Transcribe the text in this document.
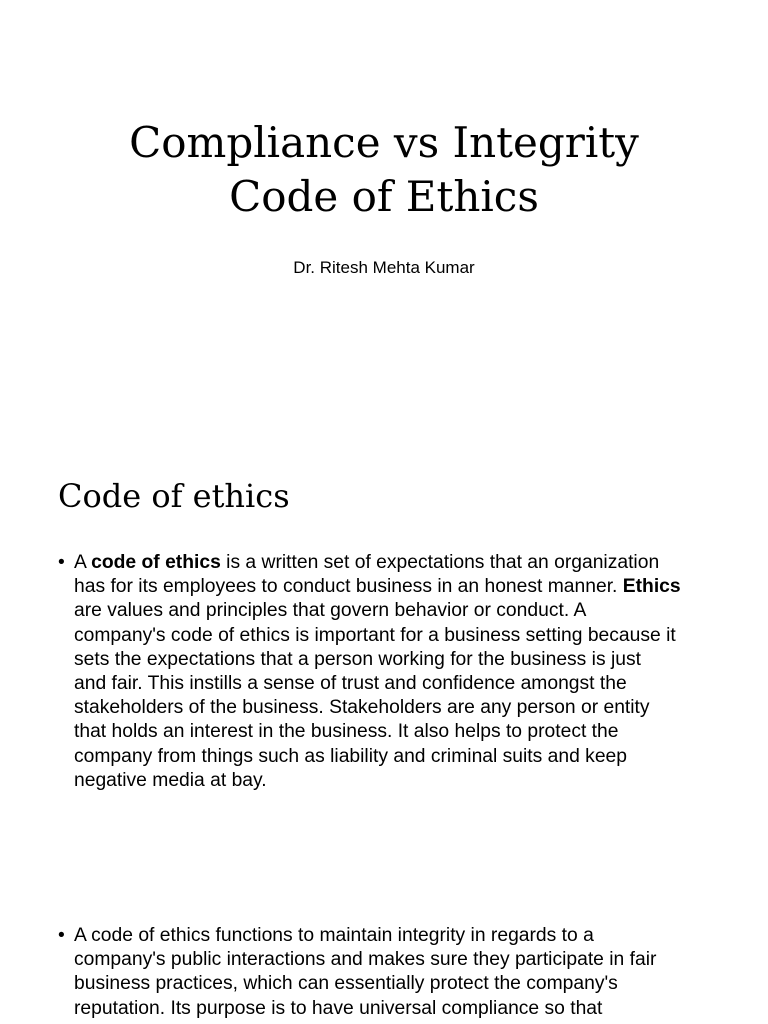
Compliance vs Integrity
Code of Ethics
Dr. Ritesh Mehta Kumar
Code of ethics
• A code of ethics is a written set of expectations that an organization
has for its employees to conduct business in an honest manner. Ethics
are values and principles that govern behavior or conduct. A
company's code of ethics is important for a business setting because it
sets the expectations that a person working for the business is just
and fair. This instills a sense of trust and confidence amongst the
stakeholders of the business. Stakeholders are any person or entity
that holds an interest in the business. It also helps to protect the
company from things such as liability and criminal suits and keep
negative media at bay.
• A code of ethics functions to maintain integrity in regards to a
company's public interactions and makes sure they participate in fair
business practices, which can essentially protect the company's
reputation. Its purpose is to have universal compliance so that
